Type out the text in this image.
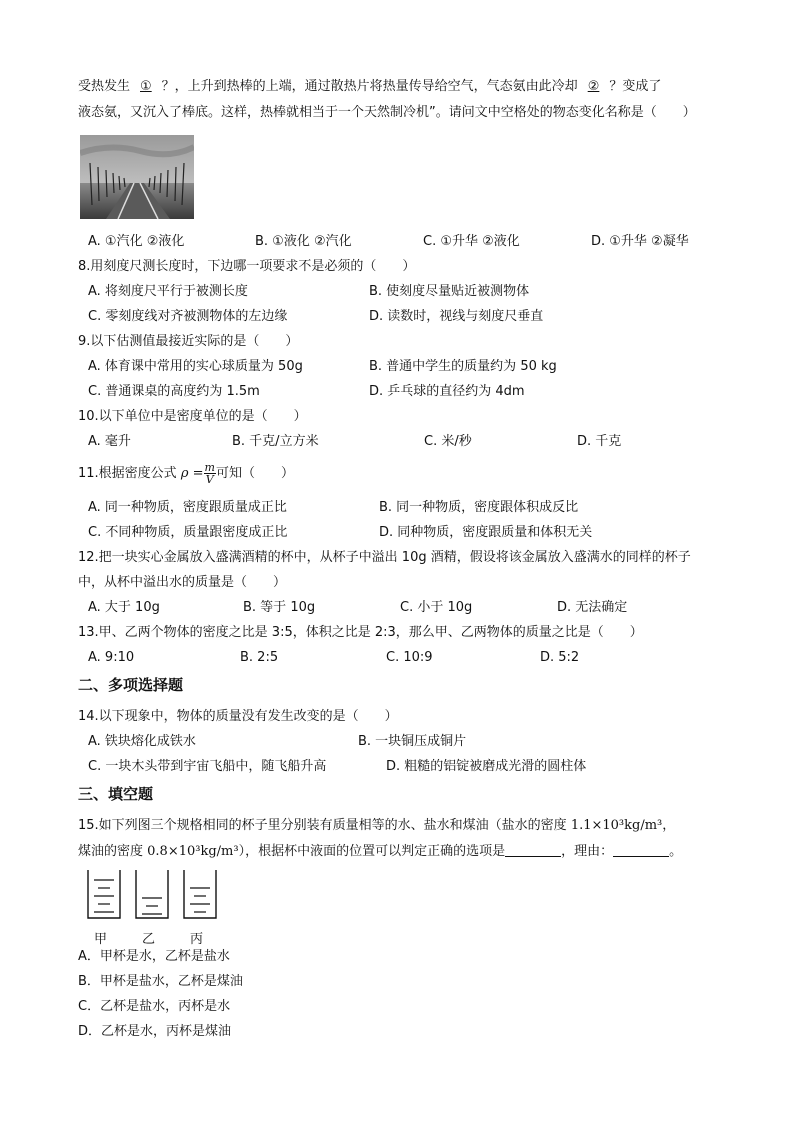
受热发生 ① ？，上升到热棒的上端，通过散热片将热量传导给空气，气态氨由此冷却 ② ？变成了
液态氨，又沉入了棒底。这样，热棒就相当于一个天然制冷机”。请问文中空格处的物态变化名称是（　　）
A. ①汽化 ②液化	B. ①液化 ②汽化	C. ①升华 ②液化	D. ①升华 ②凝华
8.用刻度尺测长度时，下边哪一项要求不是必须的（　　）
A. 将刻度尺平行于被测长度	B. 使刻度尽量贴近被测物体
C. 零刻度线对齐被测物体的左边缘	D. 读数时，视线与刻度尺垂直
9.以下估测值最接近实际的是（　　）
A. 体育课中常用的实心球质量为 50g	B. 普通中学生的质量约为 50 kg
C. 普通课桌的高度约为 1.5m	D. 乒乓球的直径约为 4dm
10.以下单位中是密度单位的是（　　）
A. 毫升	B. 千克/立方米	C. 米/秒	D. 千克
11.根据密度公式 $\rho = \frac{m}{V}$ 可知（　　）
A. 同一种物质，密度跟质量成正比	B. 同一种物质，密度跟体积成反比
C. 不同种物质，质量跟密度成正比	D. 同种物质，密度跟质量和体积无关
12.把一块实心金属放入盛满酒精的杯中，从杯子中溢出 10g 酒精，假设将该金属放入盛满水的同样的杯子
中，从杯中溢出水的质量是（　　）
A. 大于 10g	B. 等于 10g	C. 小于 10g	D. 无法确定
13.甲、乙两个物体的密度之比是 3:5，体积之比是 2:3，那么甲、乙两物体的质量之比是（　　）
A. 9:10	B. 2:5	C. 10:9	D. 5:2
二、多项选择题
14.以下现象中，物体的质量没有发生改变的是（　　）
A. 铁块熔化成铁水	B. 一块铜压成铜片
C. 一块木头带到宇宙飞船中，随飞船升高	D. 粗糙的铝锭被磨成光滑的圆柱体
三、填空题
15.如下列图三个规格相同的杯子里分别装有质量相等的水、盐水和煤油（盐水的密度 1.1×10³kg/m³，
煤油的密度 0.8×10³kg/m³），根据杯中液面的位置可以判定正确的选项是	，理由：	。
甲	乙	丙
A．甲杯是水，乙杯是盐水
B．甲杯是盐水，乙杯是煤油
C．乙杯是盐水，丙杯是水
D．乙杯是水，丙杯是煤油
